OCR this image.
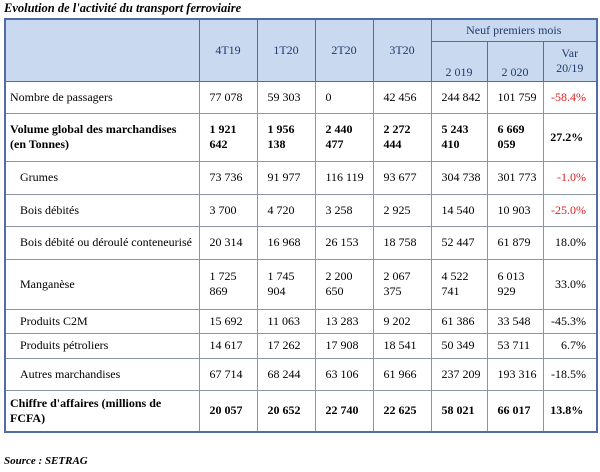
Evolution de l'activité du transport ferroviaire
	4T19	1T20	2T20	3T20	Neuf premiers mois		
					2 019	2 020	Var 20/19
Nombre de passagers	77 078	59 303	0	42 456	244 842	101 759	-58.4%
Volume global des marchandises (en Tonnes)	1 921 642	1 956 138	2 440 477	2 272 444	5 243 410	6 669 059	27.2%
Grumes	73 736	91 977	116 119	93 677	304 738	301 773	-1.0%
Bois débités	3 700	4 720	3 258	2 925	14 540	10 903	-25.0%
Bois débité ou déroulé conteneurisé	20 314	16 968	26 153	18 758	52 447	61 879	18.0%
Manganèse	1 725 869	1 745 904	2 200 650	2 067 375	4 522 741	6 013 929	33.0%
Produits C2M	15 692	11 063	13 283	9 202	61 386	33 548	-45.3%
Produits pétroliers	14 617	17 262	17 908	18 541	50 349	53 711	6.7%
Autres marchandises	67 714	68 244	63 106	61 966	237 209	193 316	-18.5%
Chiffre d'affaires (millions de FCFA)	20 057	20 652	22 740	22 625	58 021	66 017	13.8%
Source : SETRAG
